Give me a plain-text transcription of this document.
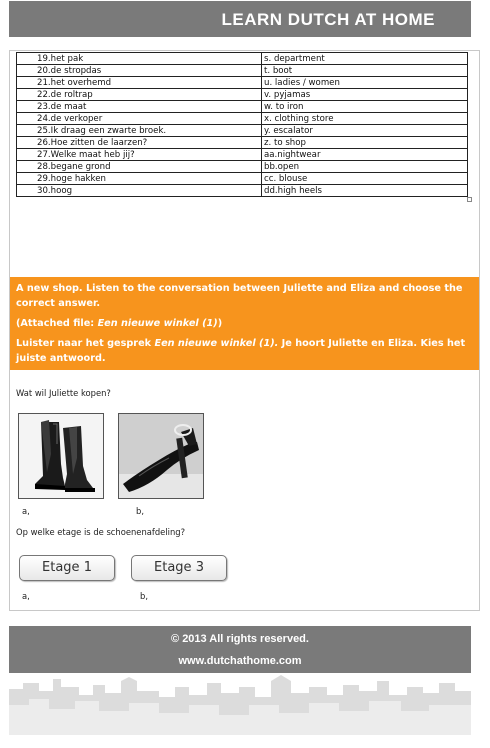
LEARN DUTCH AT HOME
19.het pak	s. department
20.de stropdas	t. boot
21.het overhemd	u. ladies / women
22.de roltrap	v. pyjamas
23.de maat	w. to iron
24.de verkoper	x. clothing store
25.Ik draag een zwarte broek.	y. escalator
26.Hoe zitten de laarzen?	z. to shop
27.Welke maat heb jij?	aa.nightwear
28.begane grond	bb.open
29.hoge hakken	cc. blouse
30.hoog	dd.high heels

A new shop. Listen to the conversation between Juliette and Eliza and choose the correct answer.

(Attached file: Een nieuwe winkel (1))

Luister naar het gesprek Een nieuwe winkel (1). Je hoort Juliette en Eliza. Kies het juiste antwoord.

Wat wil Juliette kopen?
a,	b,
Op welke etage is de schoenenafdeling?
Etage 1	Etage 3
a,	b,
© 2013 All rights reserved.
www.dutchathome.com
